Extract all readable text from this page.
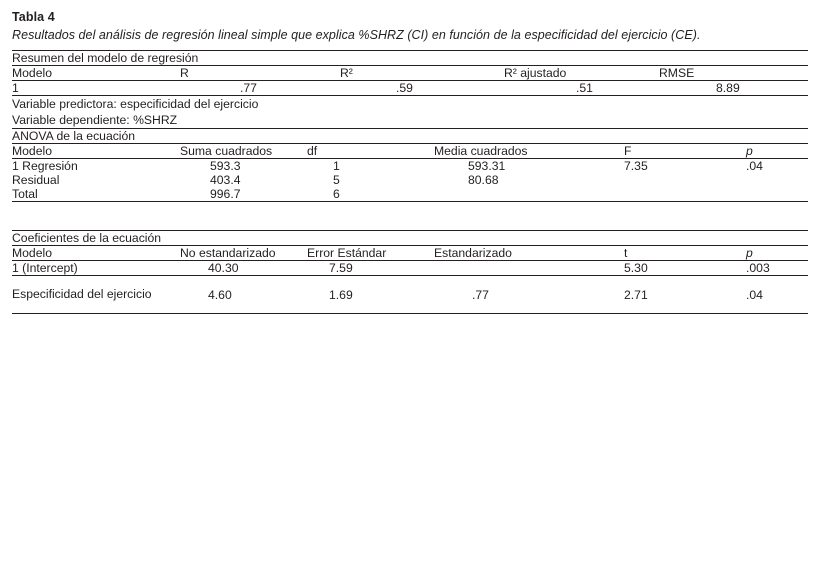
Tabla 4
Resultados del análisis de regresión lineal simple que explica %SHRZ (CI) en función de la especificidad del ejercicio (CE).
Resumen del modelo de regresión				
Modelo	R	R²	R² ajustado	RMSE
1	.77	.59	.51	8.89

Variable predictora: especificidad del ejercicio
Variable dependiente: %SHRZ				
ANOVA de la ecuación					
Modelo	Suma cuadrados	df	Media cuadrados	F	p
1 Regresión	593.3	1	593.31	7.35	.04
Residual	403.4	5	80.68		
Total	996.7	6			

Coeficientes de la ecuación					
Modelo	No estandarizado	Error Estándar	Estandarizado	t	p
1 (Intercept)	40.30	7.59		5.30	.003
Especificidad del ejercicio	4.60	1.69	.77	2.71	.04
